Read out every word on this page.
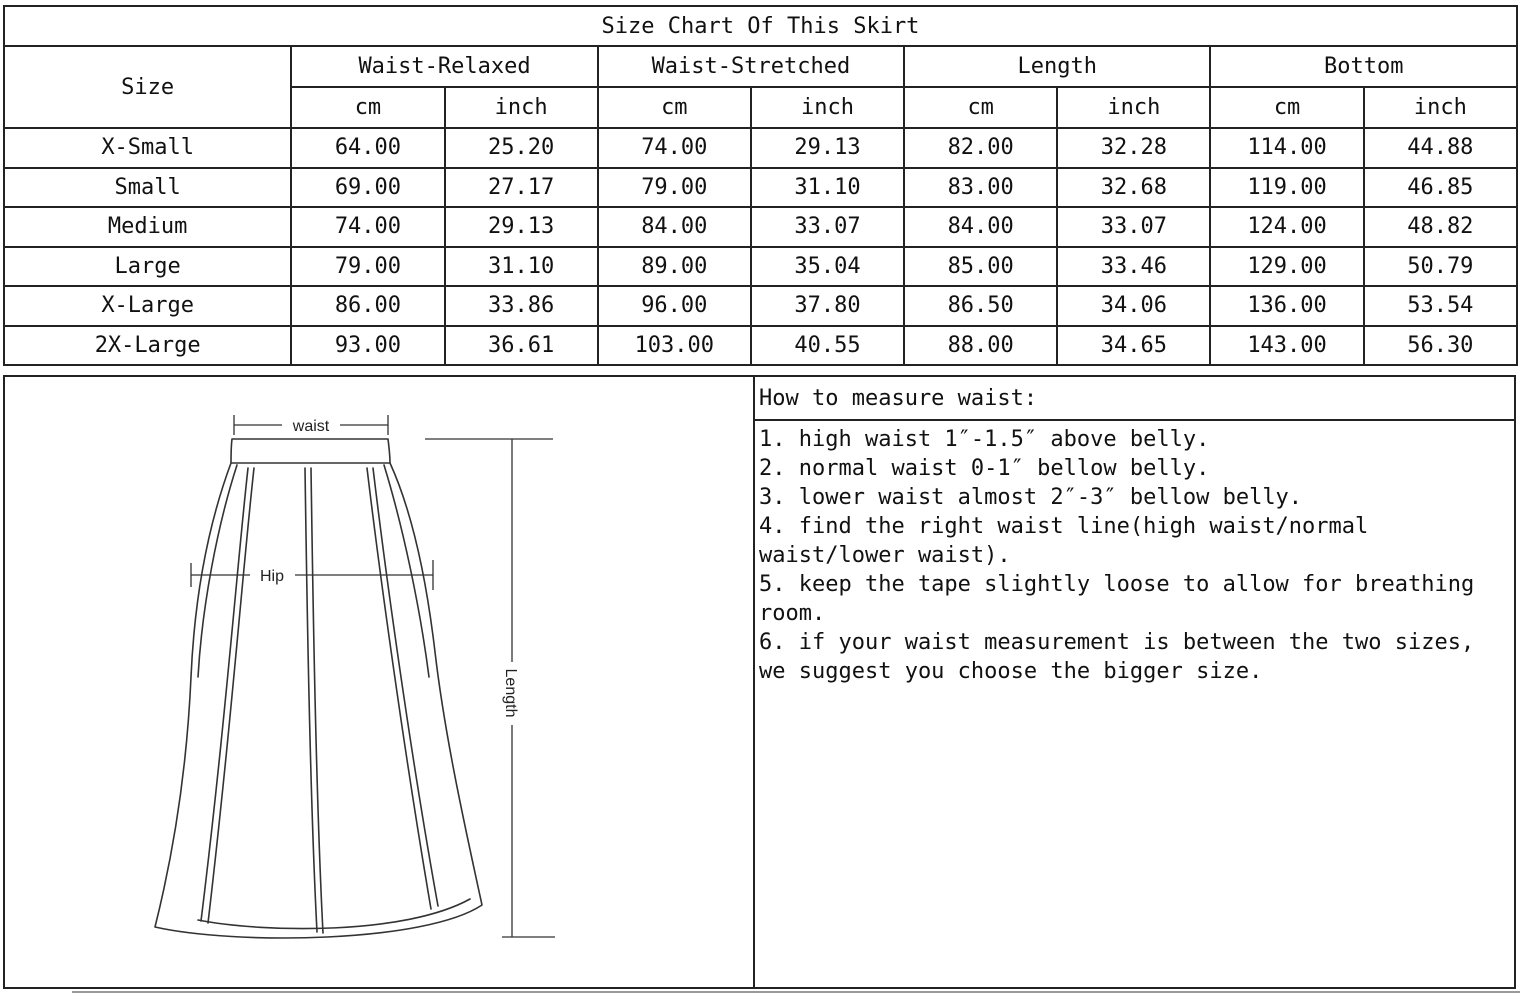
Size Chart Of This Skirt								
Size	Waist-Relaxed		Waist-Stretched		Length		Bottom	
	cm	inch	cm	inch	cm	inch	cm	inch
X-Small	64.00	25.20	74.00	29.13	82.00	32.28	114.00	44.88
Small	69.00	27.17	79.00	31.10	83.00	32.68	119.00	46.85
Medium	74.00	29.13	84.00	33.07	84.00	33.07	124.00	48.82
Large	79.00	31.10	89.00	35.04	85.00	33.46	129.00	50.79
X-Large	86.00	33.86	96.00	37.80	86.50	34.06	136.00	53.54
2X-Large	93.00	36.61	103.00	40.55	88.00	34.65	143.00	56.30
waist
Hip
Length
How to measure waist:
1. high waist 1″-1.5″ above belly.
2. normal waist 0-1″ bellow belly.
3. lower waist almost 2″-3″ bellow belly.
4. find the right waist line(high waist/normal waist/lower waist).
5. keep the tape slightly loose to allow for breathing room.
6. if your waist measurement is between the two sizes, we suggest you choose the bigger size.
